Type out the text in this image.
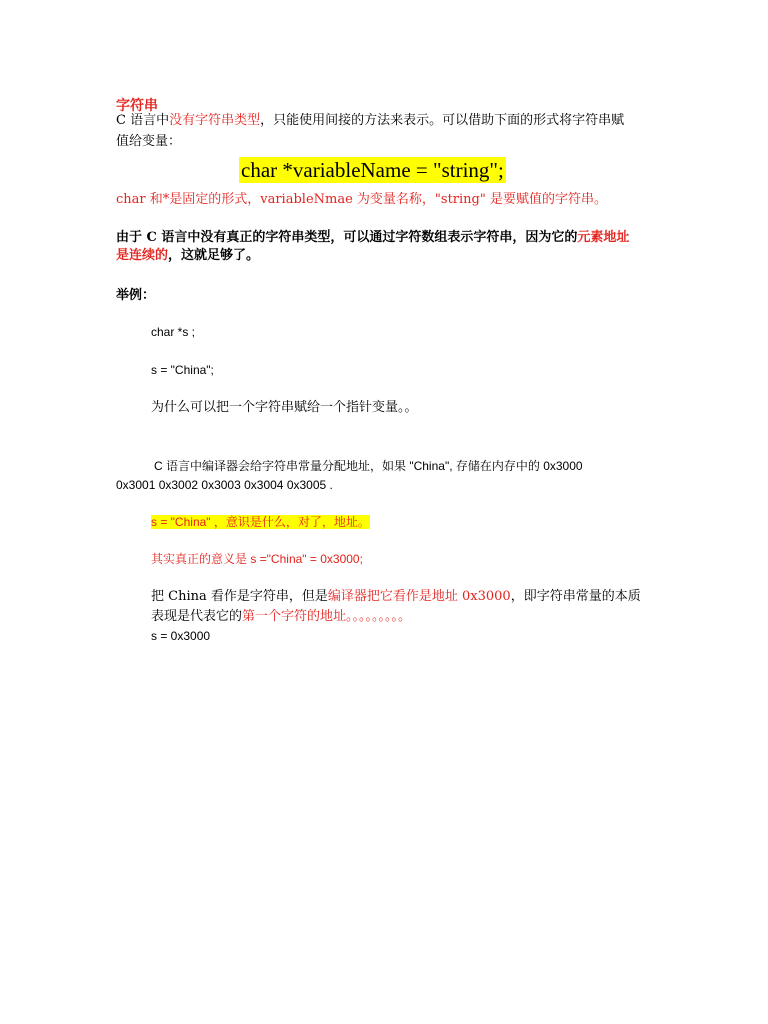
字符串
C 语言中没有字符串类型，只能使用间接的方法来表示。可以借助下面的形式将字符串赋
值给变量：
char *variableName = "string";
char 和*是固定的形式，variableNmae 为变量名称，"string" 是要赋值的字符串。
由于 C 语言中没有真正的字符串类型，可以通过字符数组表示字符串，因为它的元素地址
是连续的，这就足够了。
举例：
char *s ;
s = "China";
为什么可以把一个字符串赋给一个指针变量。。
C 语言中编译器会给字符串常量分配地址，如果 "China", 存储在内存中的 0x3000
0x3001 0x3002 0x3003 0x3004 0x3005 .
s = "China" ，意识是什么，对了，地址。
其实真正的意义是 s ="China" = 0x3000;
把 China 看作是字符串，但是编译器把它看作是地址 0x3000，即字符串常量的本质
表现是代表它的第一个字符的地址。。。。。。。。。
s = 0x3000
